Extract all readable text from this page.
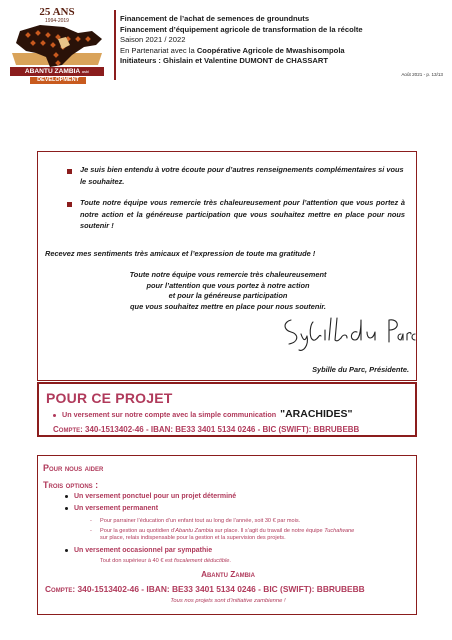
25 ANS
1994-2019
ABANTU ZAMBIA asbl
DEVELOPMENT
Financement de l’achat de semences de groundnuts
Financement d’équipement agricole de transformation de la récolte
Saison 2021 / 2022
En Partenariat avec la Coopérative Agricole de Mwashisompola
Initiateurs : Ghislain et Valentine DUMONT de CHASSART
Août 2021 - p. 13/13
Je suis bien entendu à votre écoute pour d’autres renseignements complémentaires si vous le souhaitez.
Toute notre équipe vous remercie très chaleureusement pour l’attention que vous portez à notre action et la généreuse participation que vous souhaitez mettre en place pour nous soutenir !
Recevez mes sentiments très amicaux et l’expression de toute ma gratitude !
Toute notre équipe vous remercie très chaleureusement
pour l’attention que vous portez à notre action
et pour la généreuse participation
que vous souhaitez mettre en place pour nous soutenir.
Sybille du Parc, Présidente.
POUR CE PROJET
Un versement sur notre compte avec la simple communication "ARACHIDES"
Compte: 340-1513402-46 - IBAN: BE33 3401 5134 0246 - BIC (SWIFT): BBRUBEBB
Pour nous aider
Trois options :
Un versement ponctuel pour un projet déterminé
Un versement permanent
- Pour parrainer l’éducation d’un enfant tout au long de l’année, soit 30 € par mois.
- Pour la gestion au quotidien d’Abantu Zambia sur place. Il s’agit du travail de notre équipe Tuchafwane
sur place, relais indispensable pour la gestion et la supervision des projets.
Un versement occasionnel par sympathie
Tout don supérieur à 40 € est fiscalement déductible.
Abantu Zambia
Compte: 340-1513402-46 - IBAN: BE33 3401 5134 0246 - BIC (SWIFT): BBRUBEBB
Tous nos projets sont d’initiative zambienne !
